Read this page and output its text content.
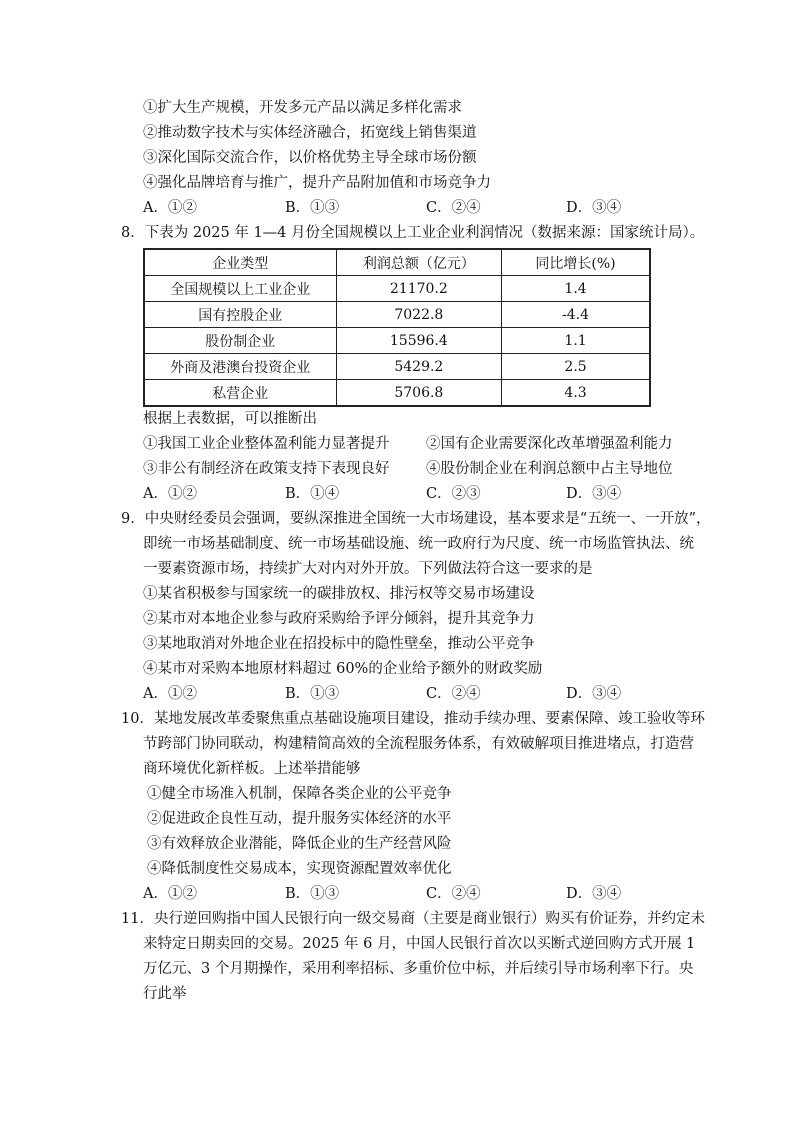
①扩大生产规模，开发多元产品以满足多样化需求
②推动数字技术与实体经济融合，拓宽线上销售渠道
③深化国际交流合作，以价格优势主导全球市场份额
④强化品牌培育与推广，提升产品附加值和市场竞争力
A．①②	B．①③	C．②④	D．③④
8．下表为 2025 年 1—4 月份全国规模以上工业企业利润情况（数据来源：国家统计局）。
企业类型	利润总额（亿元）	同比增长(%)
全国规模以上工业企业	21170.2	1.4
国有控股企业	7022.8	-4.4
股份制企业	15596.4	1.1
外商及港澳台投资企业	5429.2	2.5
私营企业	5706.8	4.3
根据上表数据，可以推断出
①我国工业企业整体盈利能力显著提升	②国有企业需要深化改革增强盈利能力
③非公有制经济在政策支持下表现良好	④股份制企业在利润总额中占主导地位
A．①②	B．①④	C．②③	D．③④
9．中央财经委员会强调，要纵深推进全国统一大市场建设，基本要求是“五统一、一开放”，
即统一市场基础制度、统一市场基础设施、统一政府行为尺度、统一市场监管执法、统
一要素资源市场，持续扩大对内对外开放。下列做法符合这一要求的是
①某省积极参与国家统一的碳排放权、排污权等交易市场建设
②某市对本地企业参与政府采购给予评分倾斜，提升其竞争力
③某地取消对外地企业在招投标中的隐性壁垒，推动公平竞争
④某市对采购本地原材料超过 60%的企业给予额外的财政奖励
A．①②	B．①③	C．②④	D．③④
10．某地发展改革委聚焦重点基础设施项目建设，推动手续办理、要素保障、竣工验收等环
节跨部门协同联动，构建精简高效的全流程服务体系，有效破解项目推进堵点，打造营
商环境优化新样板。上述举措能够
①健全市场准入机制，保障各类企业的公平竞争
②促进政企良性互动，提升服务实体经济的水平
③有效释放企业潜能，降低企业的生产经营风险
④降低制度性交易成本，实现资源配置效率优化
A．①②	B．①③	C．②④	D．③④
11．央行逆回购指中国人民银行向一级交易商（主要是商业银行）购买有价证券，并约定未
来特定日期卖回的交易。2025 年 6 月，中国人民银行首次以买断式逆回购方式开展 1
万亿元、3 个月期操作，采用利率招标、多重价位中标，并后续引导市场利率下行。央
行此举
